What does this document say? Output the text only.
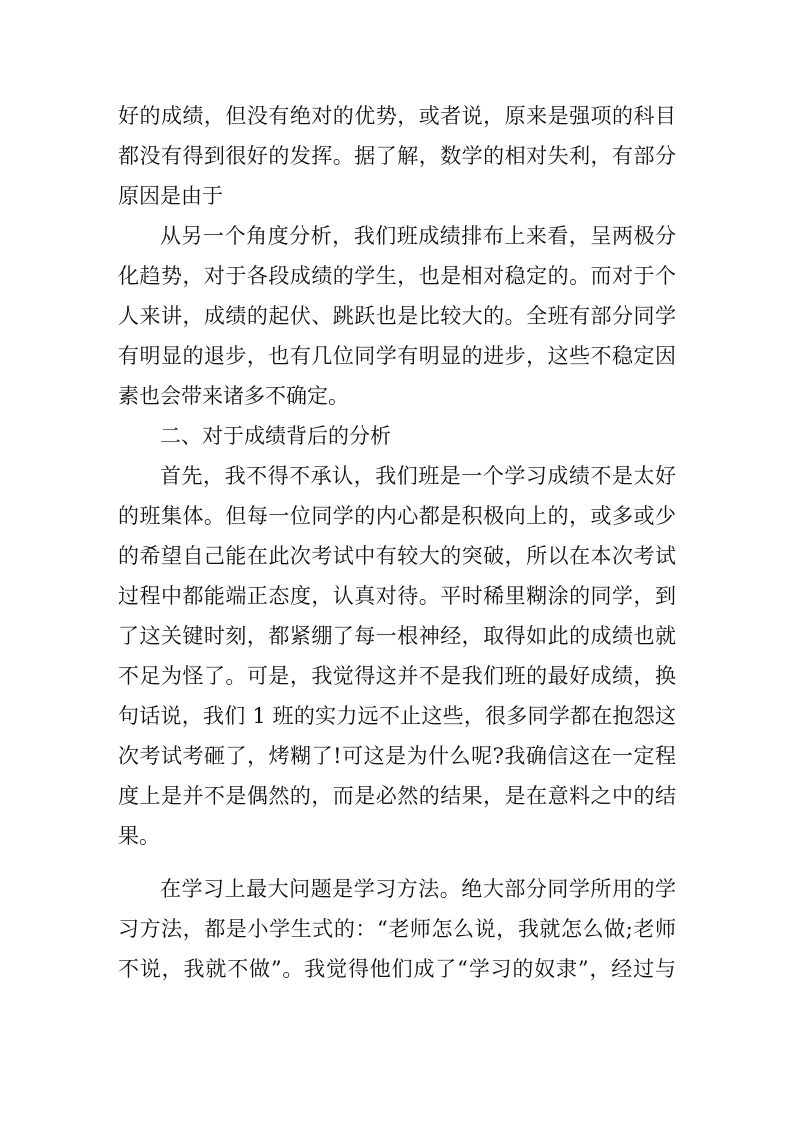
好的成绩，但没有绝对的优势，或者说，原来是强项的科目
都没有得到很好的发挥。据了解，数学的相对失利，有部分
原因是由于
从另一个角度分析，我们班成绩排布上来看，呈两极分
化趋势，对于各段成绩的学生，也是相对稳定的。而对于个
人来讲，成绩的起伏、跳跃也是比较大的。全班有部分同学
有明显的退步，也有几位同学有明显的进步，这些不稳定因
素也会带来诸多不确定。
二、对于成绩背后的分析
首先，我不得不承认，我们班是一个学习成绩不是太好
的班集体。但每一位同学的内心都是积极向上的，或多或少
的希望自己能在此次考试中有较大的突破，所以在本次考试
过程中都能端正态度，认真对待。平时稀里糊涂的同学，到
了这关键时刻，都紧绷了每一根神经，取得如此的成绩也就
不足为怪了。可是，我觉得这并不是我们班的最好成绩，换
句话说，我们 1 班的实力远不止这些，很多同学都在抱怨这
次考试考砸了，烤糊了!可这是为什么呢?我确信这在一定程
度上是并不是偶然的，而是必然的结果，是在意料之中的结
果。
在学习上最大问题是学习方法。绝大部分同学所用的学
习方法，都是小学生式的：“老师怎么说，我就怎么做;老师
不说，我就不做”。我觉得他们成了“学习的奴隶”，经过与
